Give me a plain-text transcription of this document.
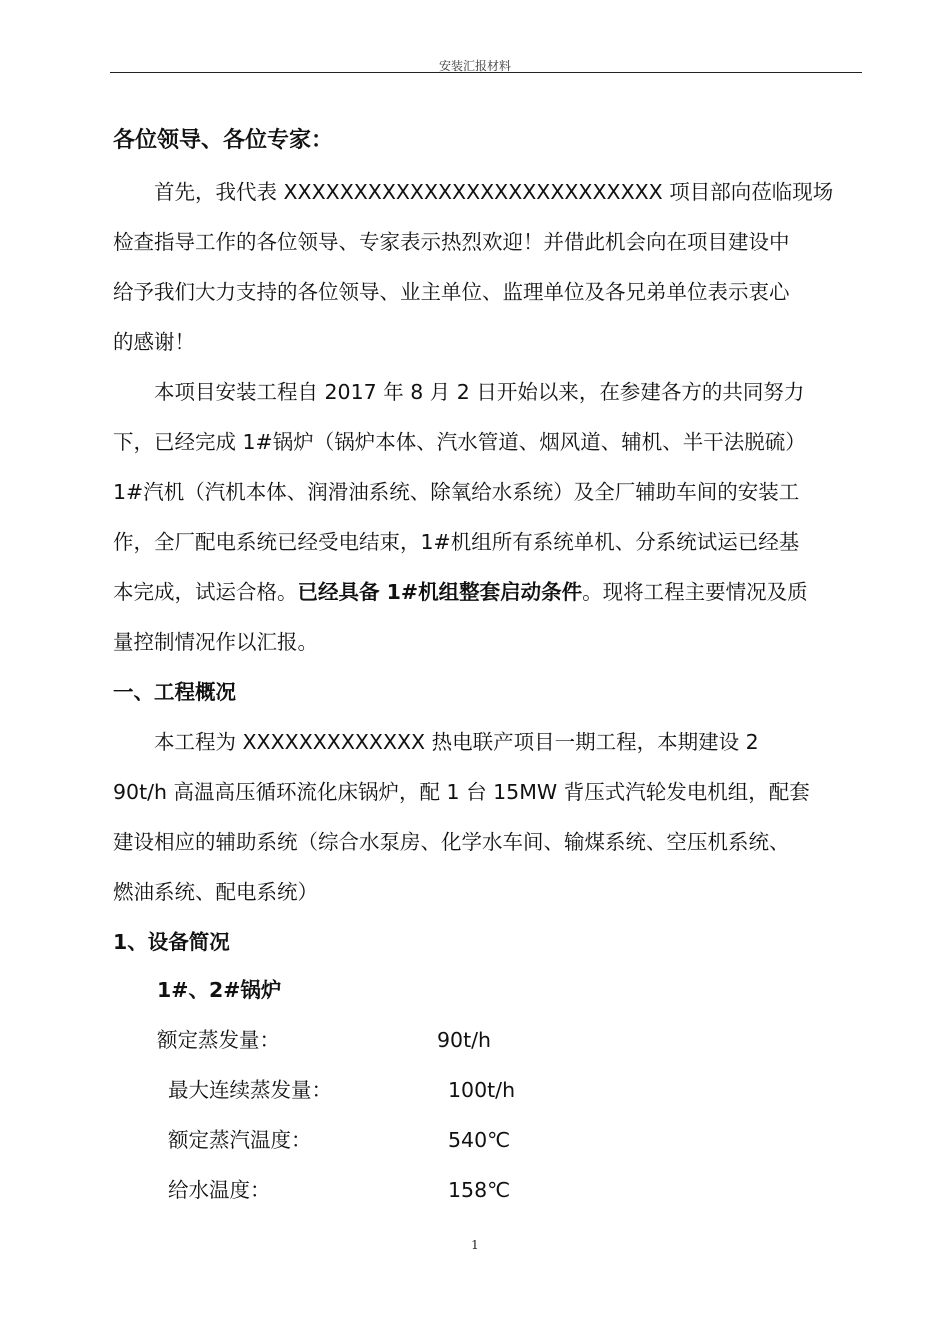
安装汇报材料
各位领导、各位专家：
　　首先，我代表 XXXXXXXXXXXXXXXXXXXXXXXXXXX 项目部向莅临现场
检查指导工作的各位领导、专家表示热烈欢迎！并借此机会向在项目建设中
给予我们大力支持的各位领导、业主单位、监理单位及各兄弟单位表示衷心
的感谢！
　　本项目安装工程自 2017 年 8 月 2 日开始以来，在参建各方的共同努力
下，已经完成 1#锅炉（锅炉本体、汽水管道、烟风道、辅机、半干法脱硫）
1#汽机（汽机本体、润滑油系统、除氧给水系统）及全厂辅助车间的安装工
作，全厂配电系统已经受电结束，1#机组所有系统单机、分系统试运已经基
本完成，试运合格。已经具备 1#机组整套启动条件。现将工程主要情况及质
量控制情况作以汇报。
一、工程概况
　　本工程为 XXXXXXXXXXXXX 热电联产项目一期工程，本期建设 2
90t/h 高温高压循环流化床锅炉，配 1 台 15MW 背压式汽轮发电机组，配套
建设相应的辅助系统（综合水泵房、化学水车间、输煤系统、空压机系统、
燃油系统、配电系统）
1、设备简况
1#、2#锅炉
额定蒸发量：	90t/h
最大连续蒸发量：	100t/h
额定蒸汽温度：	540℃
给水温度：	158℃
1
